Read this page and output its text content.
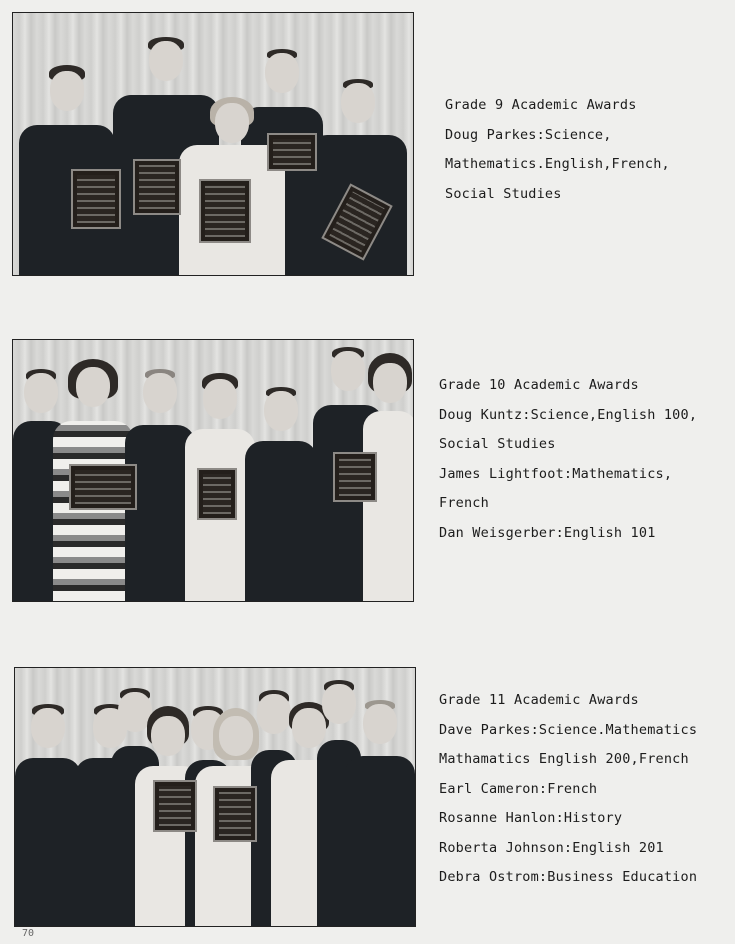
Grade 9 Academic Awards
Doug Parkes:Science,
Mathematics.English,French,
Social Studies
Grade 10 Academic Awards
Doug Kuntz:Science,English 100,
Social Studies
James Lightfoot:Mathematics,
French
Dan Weisgerber:English 101
Grade 11 Academic Awards
Dave Parkes:Science.Mathematics
Mathamatics English 200,French
Earl Cameron:French
Rosanne Hanlon:History
Roberta Johnson:English 201
Debra Ostrom:Business Education
70
